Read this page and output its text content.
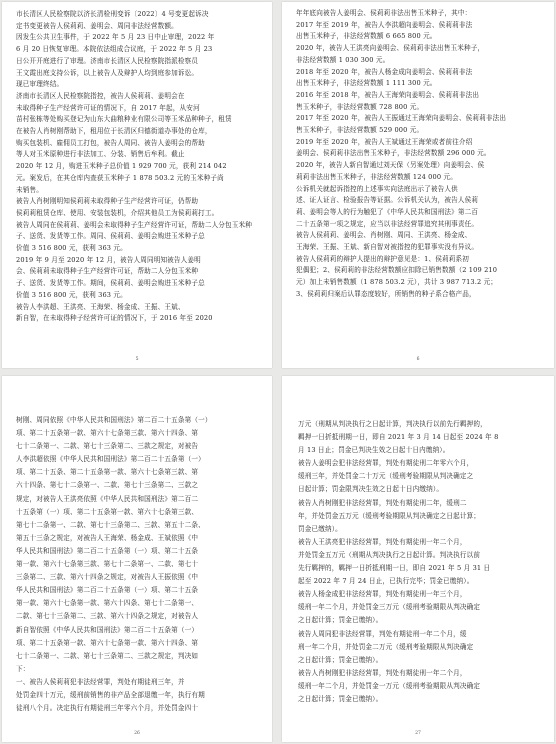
市长清区人民检察院以济长清检刑变诉〔2022〕4 号变更起诉决
定书变更被告人侯莉莉、姜明会、周同非法经营数额。
因发生公共卫生事件，于 2022 年 5 月 23 日中止审理，2022 年
6 月 20 日恢复审理。本院依法组成合议庭，于 2022 年 5 月 23
日公开开庭进行了审理。济南市长清区人民检察院指派检察员
王文霞出庭支持公诉，以上被告人及辩护人均到庭参加诉讼。
现已审理终结。
济南市长清区人民检察院指控，被告人侯莉莉、姜明会在
未取得种子生产经营许可证的情况下，自 2017 年起，从安河
苗村张栋等处购买登记为山东大曲粮种业有限公司等玉米品种种子，租赁
在被告人肖树刚帮助下，租用位于长清区归德街道办事处的仓库，
购买包装机、雇佣员工打包，被告人周同、被告人姜明会的帮助
等人对玉米原种进行非法加工、分装、销售后牟利。截止
2020 年 12 月，购进玉米种子总价值 1 929 700 元，获利 214 042
元。案发后，在其仓库内查获玉米种子 1 878 503.2 元的玉米种子尚
未销售。
被告人肖树刚明知侯莉莉未取得种子生产经营许可证，仍帮助
侯莉莉租赁仓库、使用、安装包装机，介绍其他员工为侯莉莉打工。
被告人周同在侯莉莉、姜明会未取得种子生产经营许可证，帮助二人分包玉米种
子、送货、发货等工作。周同、侯莉莉、姜明会购进玉米种子总
价值 3 516 800 元，获利 363 元。
2019 年 9 月至 2020 年 12 月，被告人周同明知被告人姜明
会、侯莉莉未取得种子生产经营许可证，帮助二人分包玉米种
子、送货、发货等工作。期间，侯莉莉、姜明会购进玉米种子总
价值 3 516 800 元，获利 363 元。
被告人李洪超、王洪亮、王海荣、杨金成、王振、王斌、
新自智，在未取得种子经营许可证的情况下，于 2016 年至 2020
5
年年底向被告人姜明会、侯莉莉非法出售玉米种子，其中：
2017 年至 2019 年，被告人李洪超向姜明会、侯莉莉非法
出售玉米种子，非法经营数额 6 665 800 元。
2020 年，被告人王洪亮向姜明会、侯莉莉非法出售玉米种子，
非法经营数额 1 030 300 元。
2018 年至 2020 年，被告人杨金成向姜明会、侯莉莉非法
出售玉米种子，非法经营数额 1 111 300 元。
2016 年至 2018 年，被告人王海荣向姜明会、侯莉莉非法出
售玉米种子，非法经营数额 728 800 元。
2017 年至 2020 年，被告人王振通过王海荣向姜明会、侯莉莉非法出
售玉米种子，非法经营数额 529 000 元。
2019 年至 2020 年，被告人王斌通过王海荣或者前往介绍
姜明会、侯莉莉非法出售玉米种子，非法经营数额 296 000 元。
2020 年，被告人新自智通过刘天保（另案处理）向姜明会、侯
莉莉非法出售玉米种子，非法经营数额 124 000 元。
公诉机关就起诉指控的上述事实向法庭出示了被告人供
述、证人证言、检验报告等证据。公诉机关认为，被告人侯莉
莉、姜明会等人的行为触犯了《中华人民共和国刑法》第二百
二十五条第一项之规定，应当以非法经营罪追究其刑事责任。
被告人侯莉莉、姜明会、肖树刚、周同、王洪亮、杨金成、
王海荣、王振、王斌、新自智对被指控的犯罪事实没有异议。
被告人侯莉莉的辩护人提出的辩护意见是：1、侯莉莉系初
犯偶犯；2、侯莉莉的非法经营数额应扣除已销售数额（2 109 210
元）加上未销售数额（1 878 503.2 元），共计 3 987 713.2 元；
3、侯莉莉归案后认罪态度较好，所销售的种子系合格产品，
6
树刚、周同依照《中华人民共和国刑法》第二百二十五条第（一）
项、第二十五条第一款、第六十七条第三款、第六十四条、第
七十二条第一、二款、第七十三条第二、三款之规定，对被告
人李洪超依照《中华人民共和国刑法》第二百二十五条第（一）
项、第二十五条、第二十五条第一款、第六十七条第三款、第
六十四条、第七十二条第一、二款、第七十三条第二、三款之
规定，对被告人王洪亮依照《中华人民共和国刑法》第二百二
十五条第（一）项、第二十五条第一款、第六十七条第三款、
第七十二条第一、二款、第七十三条第二、三款、第五十二条、
第五十三条之规定，对被告人王海荣、杨金成、王斌依照《中
华人民共和国刑法》第二百二十五条第（一）项、第二十五条
第一款、第六十七条第三款、第七十二条第一、二款、第七十
三条第二、三款、第六十四条之规定，对被告人王振依照《中
华人民共和国刑法》第二百二十五条第（一）项、第二十五条
第一款、第六十七条第一款、第六十四条、第七十二条第一、
二款、第七十三条第二、三款、第六十四条之规定，对被告人
新自智依照《中华人民共和国刑法》第二百二十五条第（一）
项、第二十五条第一款、第六十七条第一款、第六十四条、第
七十二条第一、二款、第七十三条第二、三款之规定，判决如
下：
一、被告人侯莉莉犯非法经营罪，判处有期徒刑三年，并
处罚金四十万元，缓刑前销售的非产品全部退缴一年，执行有期
徒刑八个月。决定执行有期徒刑三年零六个月，并处罚金四十
26
万元（刑期从判决执行之日起计算，判决执行以前先行羁押的，
羁押一日折抵刑期一日，即自 2021 年 3 月 14 日起至 2024 年 8
月 13 日止；罚金已判决生效之日起十日内缴纳）。
被告人姜明会犯非法经营罪，判处有期徒刑二年零六个月，
缓刑三年，并处罚金二十万元（缓刑考验期限从判决确定之
日起计算；罚金限判决生效之日起十日内缴纳）。
被告人肖树刚犯非法经营罪，判处有期徒刑二年，缓刑二
年，并处罚金五万元（缓刑考验期限从判决确定之日起计算；
罚金已缴纳）。
被告人王洪亮犯非法经营罪，判处有期徒刑一年二个月，
并处罚金五万元（刑期从判决执行之日起计算。判决执行以前
先行羁押的，羁押一日折抵刑期一日，即自 2021 年 5 月 31 日
起至 2022 年 7 月 24 日止，已执行完毕；罚金已缴纳）。
被告人杨金成犯非法经营罪，判处有期徒刑一年三个月，
缓刑一年二个月，并处罚金三万元（缓刑考验期限从判决确定
之日起计算；罚金已缴纳）。
被告人周同犯非法经营罪，判处有期徒刑一年二个月，缓
刑一年二个月，并处罚金二万元（缓刑考验期限从判决确定
之日起计算；罚金已缴纳）。
被告人肖树刚犯非法经营罪，判处有期徒刑一年二个月，
缓刑一年二个月，并处罚金一万元（缓刑考验期限从判决确定
之日起计算；罚金已缴纳）。
27
